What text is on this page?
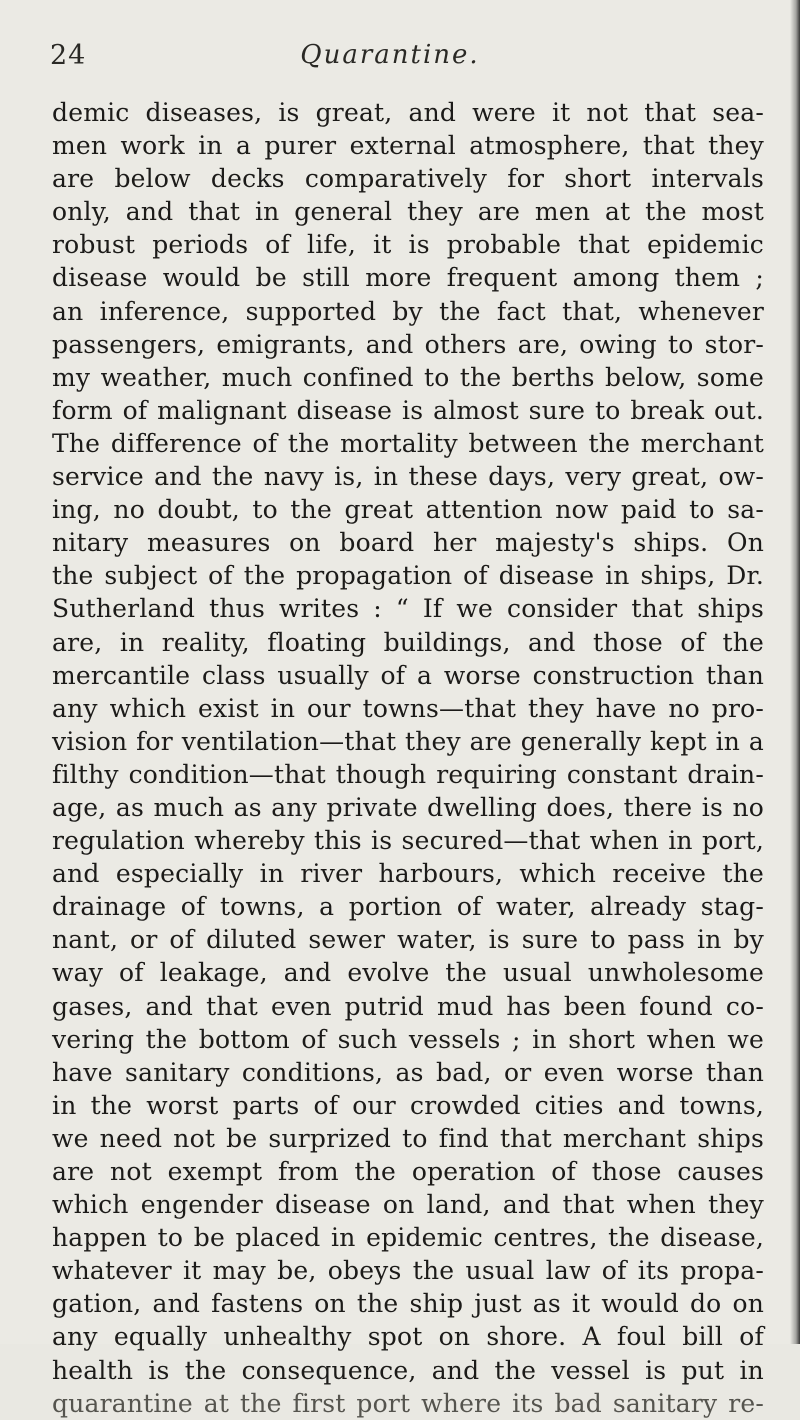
24	Quarantine.
demic diseases, is great, and were it not that sea-
men work in a purer external atmosphere, that they
are below decks comparatively for short intervals
only, and that in general they are men at the most
robust periods of life, it is probable that epidemic
disease would be still more frequent among them ;
an inference, supported by the fact that, whenever
passengers, emigrants, and others are, owing to stor-
my weather, much confined to the berths below, some
form of malignant disease is almost sure to break out.
The difference of the mortality between the merchant
service and the navy is, in these days, very great, ow-
ing, no doubt, to the great attention now paid to sa-
nitary measures on board her majesty's ships. On
the subject of the propagation of disease in ships, Dr.
Sutherland thus writes : “ If we consider that ships
are, in reality, floating buildings, and those of the
mercantile class usually of a worse construction than
any which exist in our towns—that they have no pro-
vision for ventilation—that they are generally kept in a
filthy condition—that though requiring constant drain-
age, as much as any private dwelling does, there is no
regulation whereby this is secured—that when in port,
and especially in river harbours, which receive the
drainage of towns, a portion of water, already stag-
nant, or of diluted sewer water, is sure to pass in by
way of leakage, and evolve the usual unwholesome
gases, and that even putrid mud has been found co-
vering the bottom of such vessels ; in short when we
have sanitary conditions, as bad, or even worse than
in the worst parts of our crowded cities and towns,
we need not be surprized to find that merchant ships
are not exempt from the operation of those causes
which engender disease on land, and that when they
happen to be placed in epidemic centres, the disease,
whatever it may be, obeys the usual law of its propa-
gation, and fastens on the ship just as it would do on
any equally unhealthy spot on shore. A foul bill of
health is the consequence, and the vessel is put in
quarantine at the first port where its bad sanitary re-
